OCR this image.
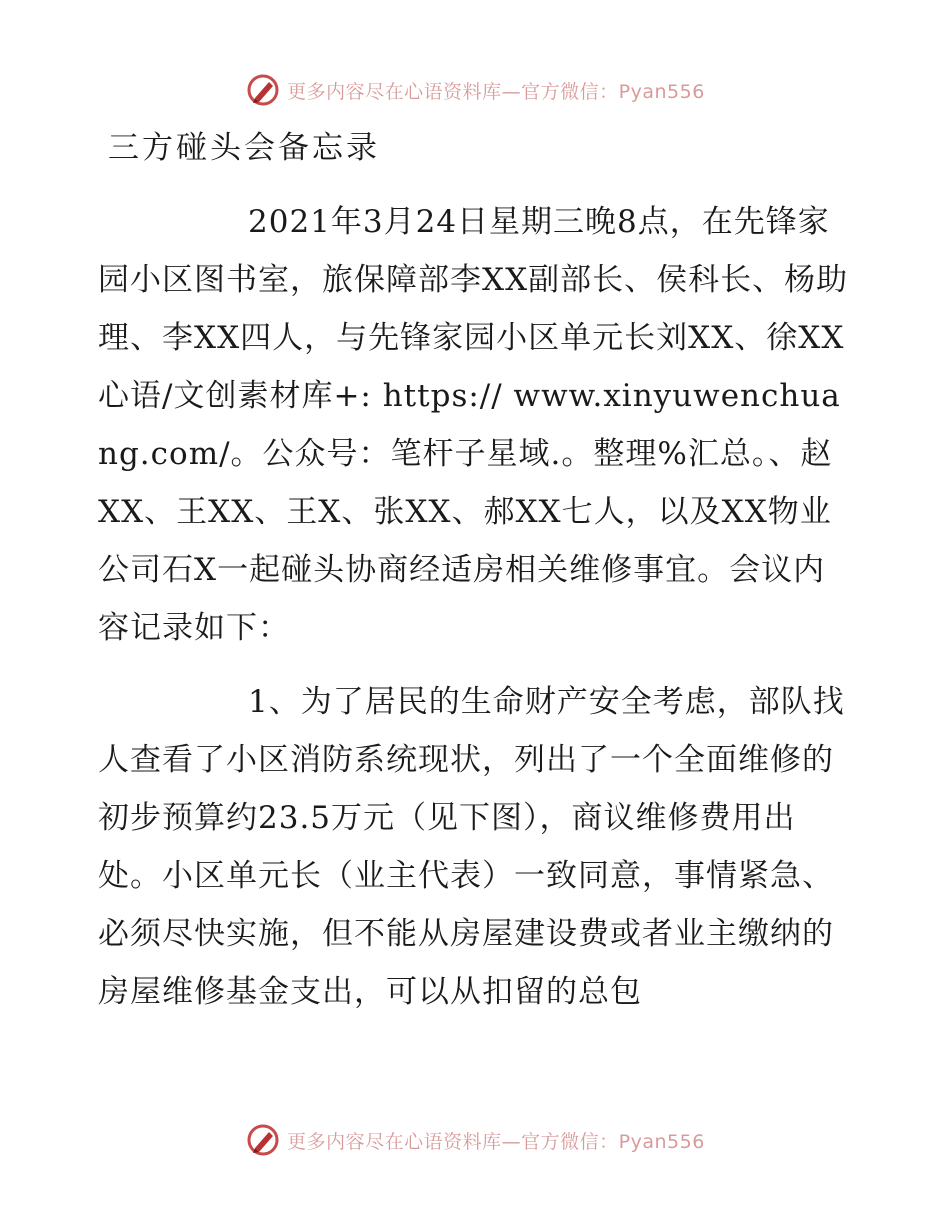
更多内容尽在心语资料库—官方微信：Pyan556
三方碰头会备忘录

2021年3月24日星期三晚8点，在先锋家园小区图书室，旅保障部李XX副部长、侯科长、杨助理、李XX四人，与先锋家园小区单元长刘XX、徐XX心语/文创素材库+: https:// www.xinyuwenchuang.com/。公众号：笔杆子星域.。整理%汇总。、赵XX、王XX、王X、张XX、郝XX七人，以及XX物业公司石X一起碰头协商经适房相关维修事宜。会议内容记录如下：

1、为了居民的生命财产安全考虑，部队找人查看了小区消防系统现状，列出了一个全面维修的初步预算约23.5万元（见下图），商议维修费用出处。小区单元长（业主代表）一致同意，事情紧急、必须尽快实施，但不能从房屋建设费或者业主缴纳的房屋维修基金支出，可以从扣留的总包

更多内容尽在心语资料库—官方微信：Pyan556
